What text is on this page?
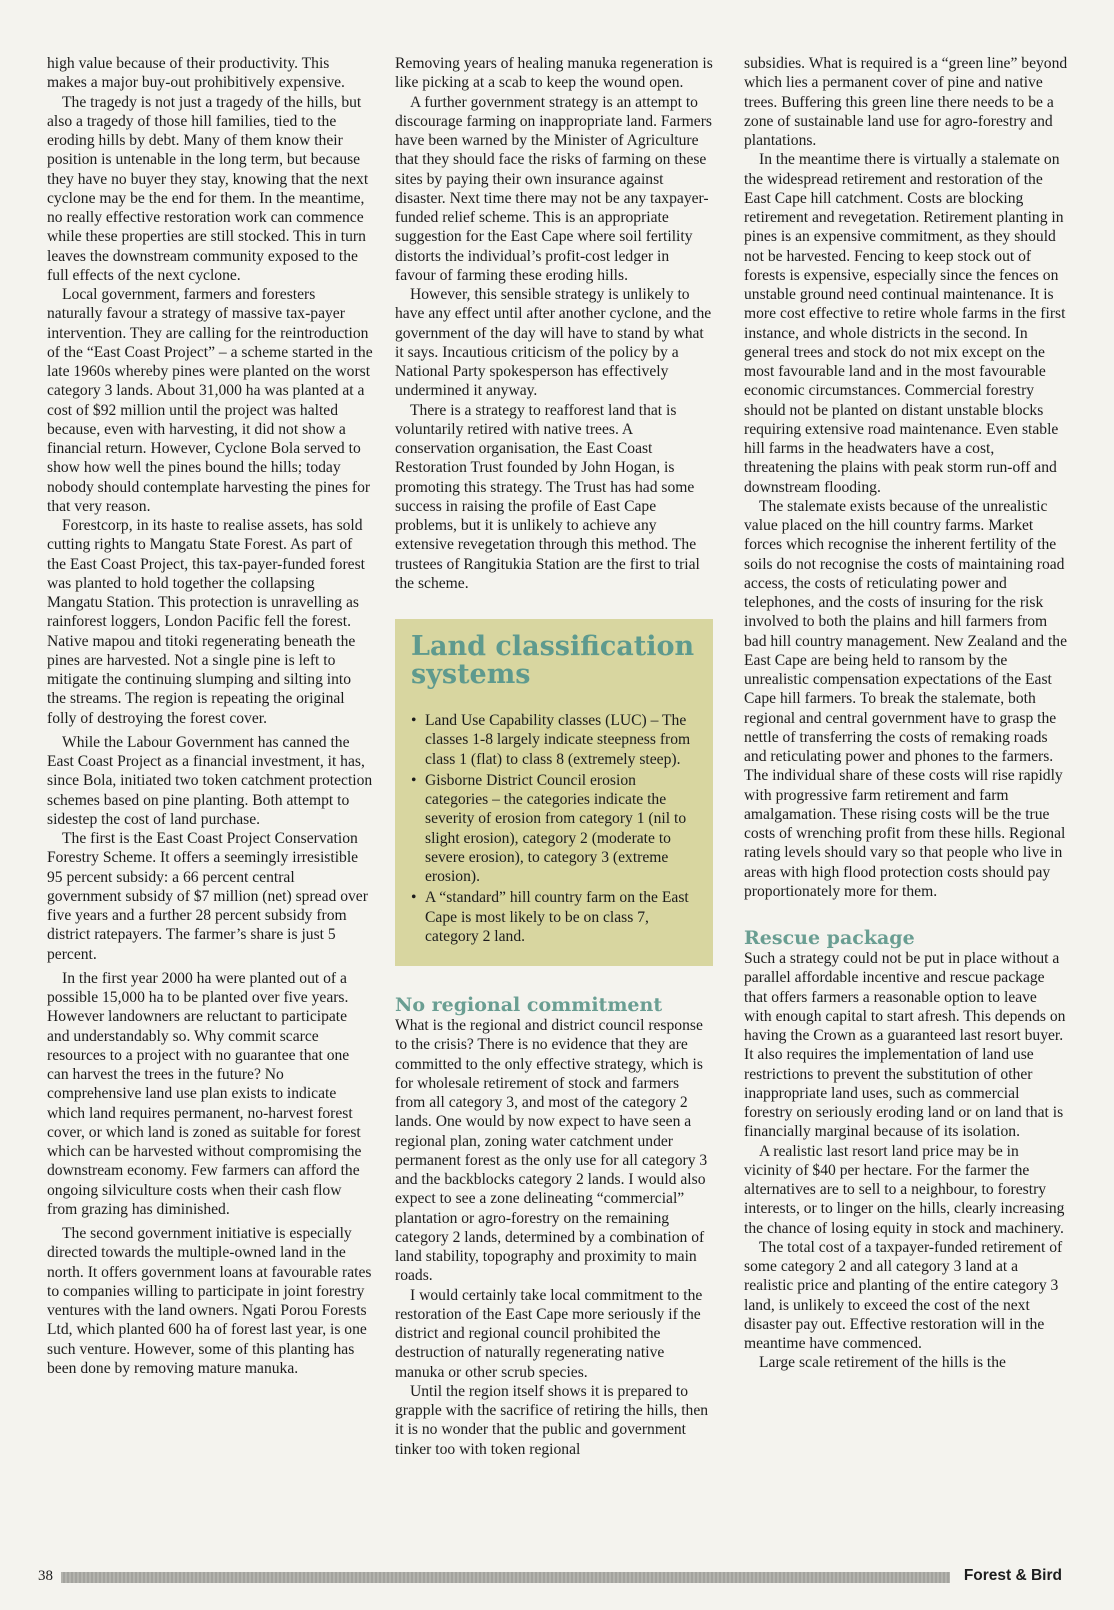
high value because of their productivity. This makes a major buy-out prohibitively expensive.

The tragedy is not just a tragedy of the hills, but also a tragedy of those hill families, tied to the eroding hills by debt. Many of them know their position is untenable in the long term, but because they have no buyer they stay, knowing that the next cyclone may be the end for them. In the meantime, no really effective restoration work can commence while these properties are still stocked. This in turn leaves the downstream community exposed to the full effects of the next cyclone.

Local government, farmers and foresters naturally favour a strategy of massive tax-payer intervention. They are calling for the reintroduction of the “East Coast Project” – a scheme started in the late 1960s whereby pines were planted on the worst category 3 lands. About 31,000 ha was planted at a cost of $92 million until the project was halted because, even with harvesting, it did not show a financial return. However, Cyclone Bola served to show how well the pines bound the hills; today nobody should contemplate harvesting the pines for that very reason.

Forestcorp, in its haste to realise assets, has sold cutting rights to Mangatu State Forest. As part of the East Coast Project, this tax-payer-funded forest was planted to hold together the collapsing Mangatu Station. This protection is unravelling as rainforest loggers, London Pacific fell the forest. Native mapou and titoki regenerating beneath the pines are harvested. Not a single pine is left to mitigate the continuing slumping and silting into the streams. The region is repeating the original folly of destroying the forest cover.

While the Labour Government has canned the East Coast Project as a financial investment, it has, since Bola, initiated two token catchment protection schemes based on pine planting. Both attempt to sidestep the cost of land purchase.

The first is the East Coast Project Conservation Forestry Scheme. It offers a seemingly irresistible 95 percent subsidy: a 66 percent central government subsidy of $7 million (net) spread over five years and a further 28 percent subsidy from district ratepayers. The farmer’s share is just 5 percent.

In the first year 2000 ha were planted out of a possible 15,000 ha to be planted over five years. However landowners are reluctant to participate and understandably so. Why commit scarce resources to a project with no guarantee that one can harvest the trees in the future? No comprehensive land use plan exists to indicate which land requires permanent, no-harvest forest cover, or which land is zoned as suitable for forest which can be harvested without compromising the downstream economy. Few farmers can afford the ongoing silviculture costs when their cash flow from grazing has diminished.

The second government initiative is especially directed towards the multiple-owned land in the north. It offers government loans at favourable rates to companies willing to participate in joint forestry ventures with the land owners. Ngati Porou Forests Ltd, which planted 600 ha of forest last year, is one such venture. However, some of this planting has been done by removing mature manuka.

Removing years of healing manuka regeneration is like picking at a scab to keep the wound open.

A further government strategy is an attempt to discourage farming on inappropriate land. Farmers have been warned by the Minister of Agriculture that they should face the risks of farming on these sites by paying their own insurance against disaster. Next time there may not be any taxpayer-funded relief scheme. This is an appropriate suggestion for the East Cape where soil fertility distorts the individual’s profit-cost ledger in favour of farming these eroding hills.

However, this sensible strategy is unlikely to have any effect until after another cyclone, and the government of the day will have to stand by what it says. Incautious criticism of the policy by a National Party spokesperson has effectively undermined it anyway.

There is a strategy to reafforest land that is voluntarily retired with native trees. A conservation organisation, the East Coast Restoration Trust founded by John Hogan, is promoting this strategy. The Trust has had some success in raising the profile of East Cape problems, but it is unlikely to achieve any extensive revegetation through this method. The trustees of Rangitukia Station are the first to trial the scheme.

Land classification systems
• Land Use Capability classes (LUC) – The classes 1-8 largely indicate steepness from class 1 (flat) to class 8 (extremely steep).
• Gisborne District Council erosion categories – the categories indicate the severity of erosion from category 1 (nil to slight erosion), category 2 (moderate to severe erosion), to category 3 (extreme erosion).
• A “standard” hill country farm on the East Cape is most likely to be on class 7, category 2 land.
No regional commitment

What is the regional and district council response to the crisis? There is no evidence that they are committed to the only effective strategy, which is for wholesale retirement of stock and farmers from all category 3, and most of the category 2 lands. One would by now expect to have seen a regional plan, zoning water catchment under permanent forest as the only use for all category 3 and the backblocks category 2 lands. I would also expect to see a zone delineating “commercial” plantation or agro-forestry on the remaining category 2 lands, determined by a combination of land stability, topography and proximity to main roads.

I would certainly take local commitment to the restoration of the East Cape more seriously if the district and regional council prohibited the destruction of naturally regenerating native manuka or other scrub species.

Until the region itself shows it is prepared to grapple with the sacrifice of retiring the hills, then it is no wonder that the public and government tinker too with token regional

subsidies. What is required is a “green line” beyond which lies a permanent cover of pine and native trees. Buffering this green line there needs to be a zone of sustainable land use for agro-forestry and plantations.

In the meantime there is virtually a stalemate on the widespread retirement and restoration of the East Cape hill catchment. Costs are blocking retirement and revegetation. Retirement planting in pines is an expensive commitment, as they should not be harvested. Fencing to keep stock out of forests is expensive, especially since the fences on unstable ground need continual maintenance. It is more cost effective to retire whole farms in the first instance, and whole districts in the second. In general trees and stock do not mix except on the most favourable land and in the most favourable economic circumstances. Commercial forestry should not be planted on distant unstable blocks requiring extensive road maintenance. Even stable hill farms in the headwaters have a cost, threatening the plains with peak storm run-off and downstream flooding.

The stalemate exists because of the unrealistic value placed on the hill country farms. Market forces which recognise the inherent fertility of the soils do not recognise the costs of maintaining road access, the costs of reticulating power and telephones, and the costs of insuring for the risk involved to both the plains and hill farmers from bad hill country management. New Zealand and the East Cape are being held to ransom by the unrealistic compensation expectations of the East Cape hill farmers. To break the stalemate, both regional and central government have to grasp the nettle of transferring the costs of remaking roads and reticulating power and phones to the farmers. The individual share of these costs will rise rapidly with progressive farm retirement and farm amalgamation. These rising costs will be the true costs of wrenching profit from these hills. Regional rating levels should vary so that people who live in areas with high flood protection costs should pay proportionately more for them.

Rescue package

Such a strategy could not be put in place without a parallel affordable incentive and rescue package that offers farmers a reasonable option to leave with enough capital to start afresh. This depends on having the Crown as a guaranteed last resort buyer. It also requires the implementation of land use restrictions to prevent the substitution of other inappropriate land uses, such as commercial forestry on seriously eroding land or on land that is financially marginal because of its isolation.

A realistic last resort land price may be in vicinity of $40 per hectare. For the farmer the alternatives are to sell to a neighbour, to forestry interests, or to linger on the hills, clearly increasing the chance of losing equity in stock and machinery.

The total cost of a taxpayer-funded retirement of some category 2 and all category 3 land at a realistic price and planting of the entire category 3 land, is unlikely to exceed the cost of the next disaster pay out. Effective restoration will in the meantime have commenced.

Large scale retirement of the hills is the

38	Forest & Bird
